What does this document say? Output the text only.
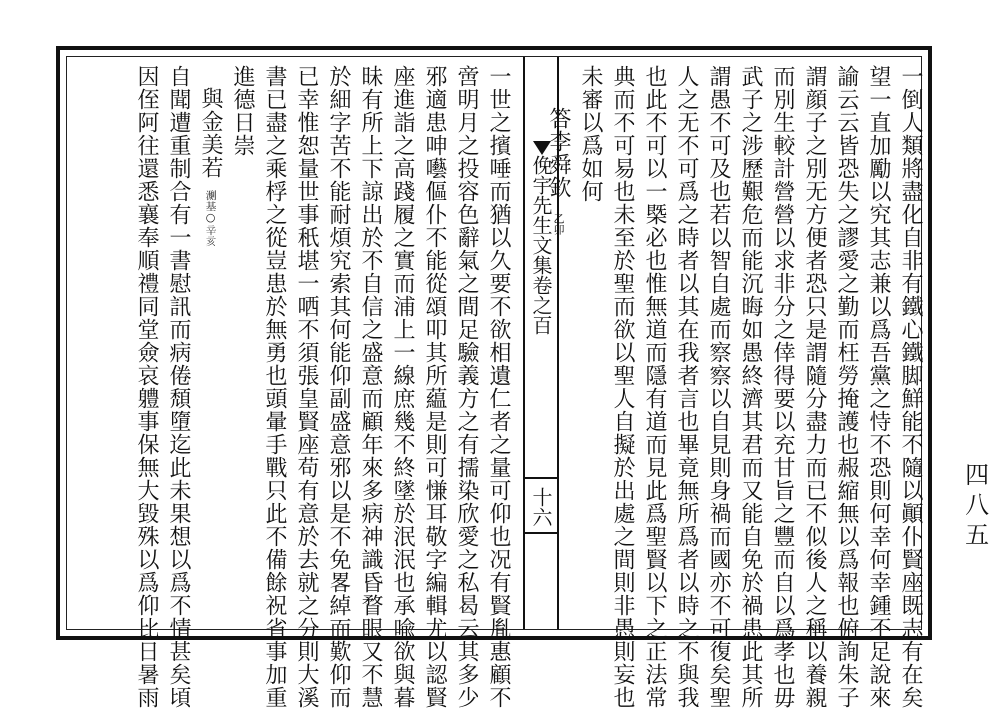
一倒人類將盡化自非有鐵心鐵脚鮮能不隨以顚仆賢座既志有在矣
望一直加勵以究其志兼以爲吾黨之恃不恐則何幸何幸鍾不足說來
諭云云皆恐失之謬愛之勤而枉勞掩護也赧縮無以爲報也俯詢朱子
謂顔子之別无方便者恐只是謂隨分盡力而已不似後人之稱以養親
而別生較計營營以求非分之倖得要以充甘旨之豐而自以爲孝也毋
武子之涉歷艱危而能沉晦如愚終濟其君而又能自免於禍患此其所
謂愚不可及也若以智自處而察察以自見則身禍而國亦不可復矣聖
人之无不可爲之時者以其在我者言也畢竟無所爲者以時之不與我
也此不可以一槩必也惟無道而隱有道而見此爲聖賢以下之正法常
典而不可易也未至於聖而欲以聖人自擬於出處之間則非愚則妄也
未審以爲如何
答李舜欽乙卯
俛宇先生文集卷之百
十六
一世之擯唾而猶以久要不欲相遺仁者之量可仰也况有賢胤惠顧不
啻明月之投容色辭氣之間足驗義方之有擩染欣愛之私曷云其多少
邪適患呻囈傴仆不能從頌叩其所藴是則可慊耳敬字編輯尤以認賢
座進詣之高踐履之實而浦上一線庶幾不終墜於泯泯也承喩欲與暮
昧有所上下諒出於不自信之盛意而顧年來多病神識昏瞀眼又不慧
於細字苦不能耐煩究索其何能仰副盛意邪以是不免畧綽而歎仰而
已幸惟恕量世事秖堪一哂不須張皇賢座苟有意於去就之分則大溪
書已盡之乘桴之從豈患於無勇也頭暈手戰只此不備餘祝省事加重
進德日崇
與金美若𣽄基○辛亥
自聞遭重制合有一書慰訊而病倦頹墮迄此未果想以爲不情甚矣頃
因侄阿往還悉襄奉順禮同堂僉哀軆事保無大毀殊以爲仰比日暑雨	四八五
